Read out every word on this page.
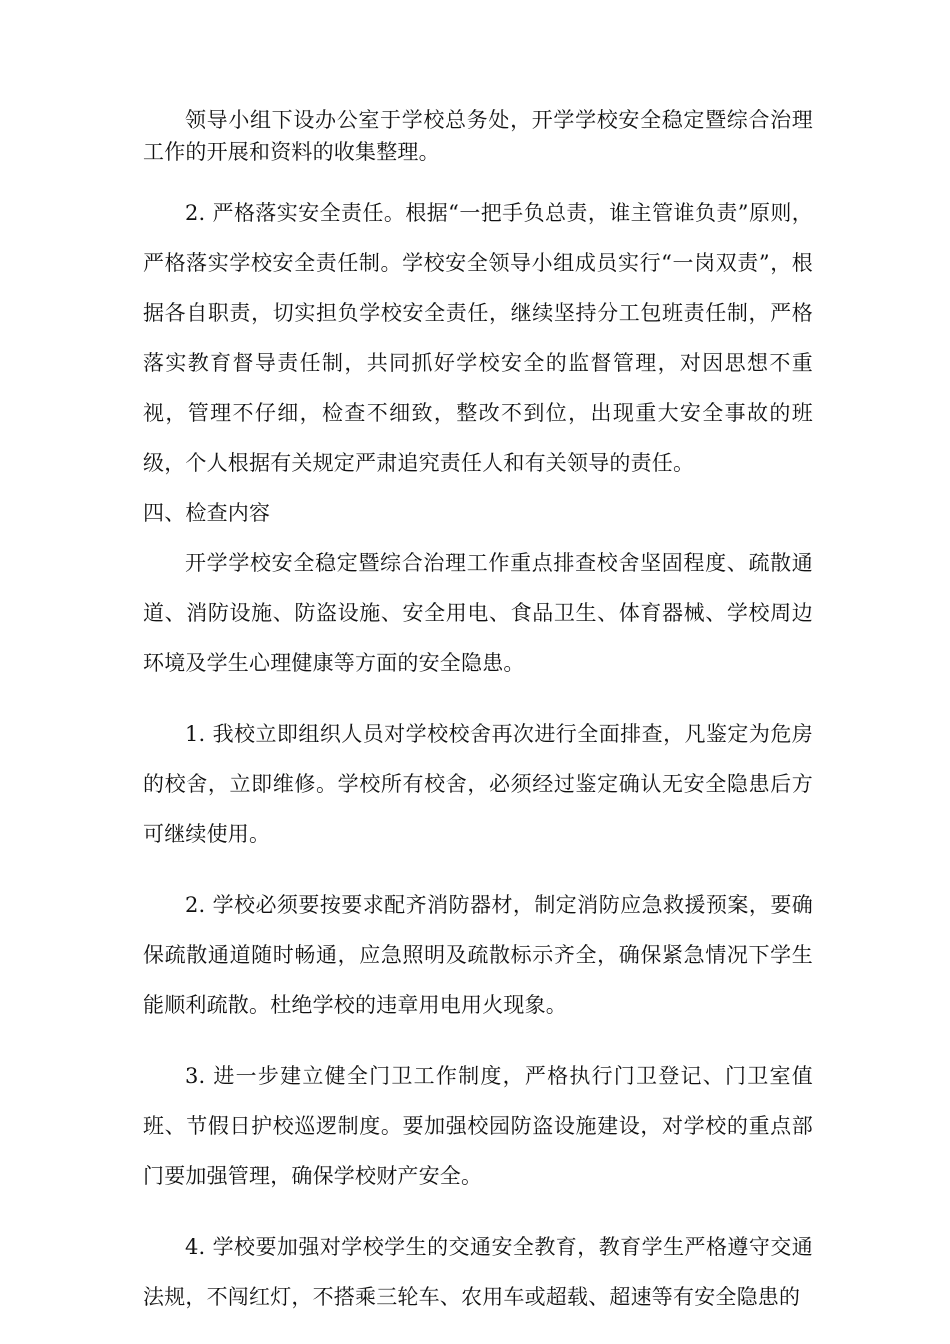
领导小组下设办公室于学校总务处，开学学校安全稳定暨综合治理工作的开展和资料的收集整理。

2. 严格落实安全责任。根据“一把手负总责，谁主管谁负责”原则，严格落实学校安全责任制。学校安全领导小组成员实行“一岗双责”，根据各自职责，切实担负学校安全责任，继续坚持分工包班责任制，严格落实教育督导责任制，共同抓好学校安全的监督管理，对因思想不重视，管理不仔细，检查不细致，整改不到位，出现重大安全事故的班级，个人根据有关规定严肃追究责任人和有关领导的责任。

四、检查内容

开学学校安全稳定暨综合治理工作重点排查校舍坚固程度、疏散通道、消防设施、防盗设施、安全用电、食品卫生、体育器械、学校周边环境及学生心理健康等方面的安全隐患。

1. 我校立即组织人员对学校校舍再次进行全面排查，凡鉴定为危房的校舍，立即维修。学校所有校舍，必须经过鉴定确认无安全隐患后方可继续使用。

2. 学校必须要按要求配齐消防器材，制定消防应急救援预案，要确保疏散通道随时畅通，应急照明及疏散标示齐全，确保紧急情况下学生能顺利疏散。杜绝学校的违章用电用火现象。

3. 进一步建立健全门卫工作制度，严格执行门卫登记、门卫室值班、节假日护校巡逻制度。要加强校园防盗设施建设，对学校的重点部门要加强管理，确保学校财产安全。

4. 学校要加强对学校学生的交通安全教育，教育学生严格遵守交通法规，不闯红灯，不搭乘三轮车、农用车或超载、超速等有安全隐患的
